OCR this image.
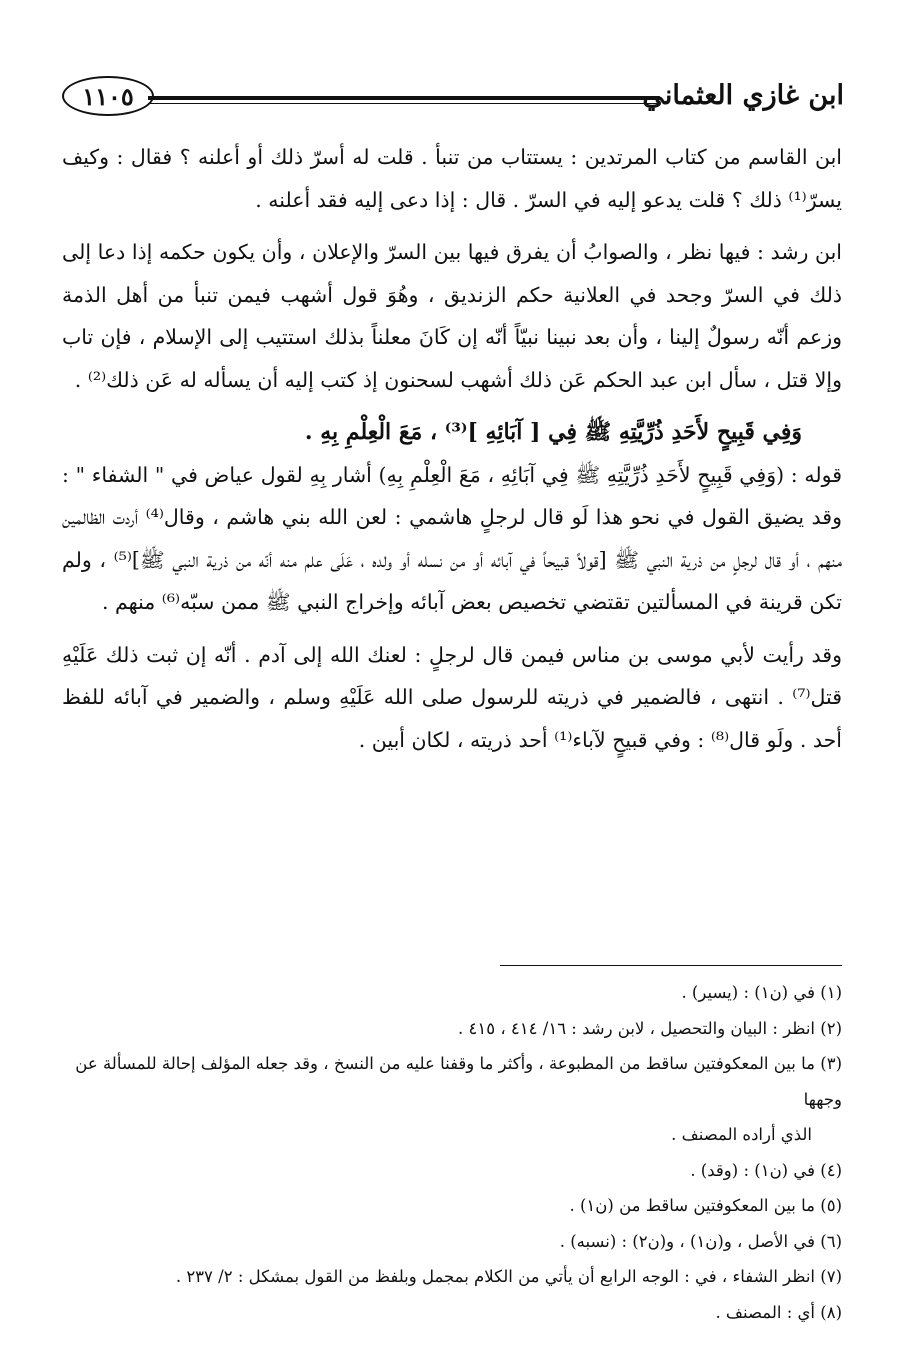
ابن غازي العثماني
١١٠٥

ابن القاسم من كتاب المرتدين : يستتاب من تنبأ . قلت له أسرّ ذلك أو أعلنه ؟ فقال : وكيف يسرّ⁽¹⁾ ذلك ؟ قلت يدعو إليه في السرّ . قال : إذا دعى إليه فقد أعلنه .

ابن رشد : فيها نظر ، والصوابُ أن يفرق فيها بين السرّ والإعلان ، وأن يكون حكمه إذا دعا إلى ذلك في السرّ وجحد في العلانية حكم الزنديق ، وهُوَ قول أشهب فيمن تنبأ من أهل الذمة وزعم أنّه رسولٌ إلينا ، وأن بعد نبينا نبيّاً أنّه إن كَانَ معلناً بذلك استتيب إلى الإسلام ، فإن تاب وإلا قتل ، سأل ابن عبد الحكم عَن ذلك أشهب لسحنون إذ كتب إليه أن يسأله له عَن ذلك⁽²⁾ .

وَفِي قَبِيحٍ لأَحَدِ ذُرِّيَّتِهِ ﷺ فِي [ آبَائِهِ ]⁽³⁾ ، مَعَ الْعِلْمِ بِهِ .

قوله : (وَفِي قَبِيحٍ لأَحَدِ ذُرِّيَّتِهِ ﷺ فِي آبَائِهِ ، مَعَ الْعِلْمِ بِهِ) أشار بِهِ لقول عياض في " الشفاء " : وقد يضيق القول في نحو هذا لَو قال لرجلٍ هاشمي : لعن الله بني هاشم ، وقال⁽⁴⁾ أردت الظالمين منهم ، أو قال لرجلٍ من ذرية النبي ﷺ [قولاً قبيحاً في آبائه أو من نسله أو ولده ، عَلَى علم منه أنّه من ذرية النبي ﷺ]⁽⁵⁾ ، ولم تكن قرينة في المسألتين تقتضي تخصيص بعض آبائه وإخراج النبي ﷺ ممن سبّه⁽⁶⁾ منهم .

وقد رأيت لأبي موسى بن مناس فيمن قال لرجلٍ : لعنك الله إلى آدم . أنّه إن ثبت ذلك عَلَيْهِ قتل⁽⁷⁾ . انتهى ، فالضمير في ذريته للرسول صلى الله عَلَيْهِ وسلم ، والضمير في آبائه للفظ أحد . ولَو قال⁽⁸⁾ : وفي قبيحٍ لآباء⁽¹⁾ أحد ذريته ، لكان أبين .

(١) في (ن١) : (يسير) .

(٢) انظر : البيان والتحصيل ، لابن رشد : ١٦/ ٤١٤ ، ٤١٥ .

(٣) ما بين المعكوفتين ساقط من المطبوعة ، وأكثر ما وقفنا عليه من النسخ ، وقد جعله المؤلف إحالة للمسألة عن وجهها

الذي أراده المصنف .

(٤) في (ن١) : (وقد) .

(٥) ما بين المعكوفتين ساقط من (ن١) .

(٦) في الأصل ، و(ن١) ، و(ن٢) : (نسبه) .

(٧) انظر الشفاء ، في : الوجه الرابع أن يأتي من الكلام بمجمل وبلفظ من القول بمشكل : ٢/ ٢٣٧ .

(٨) أي : المصنف .
